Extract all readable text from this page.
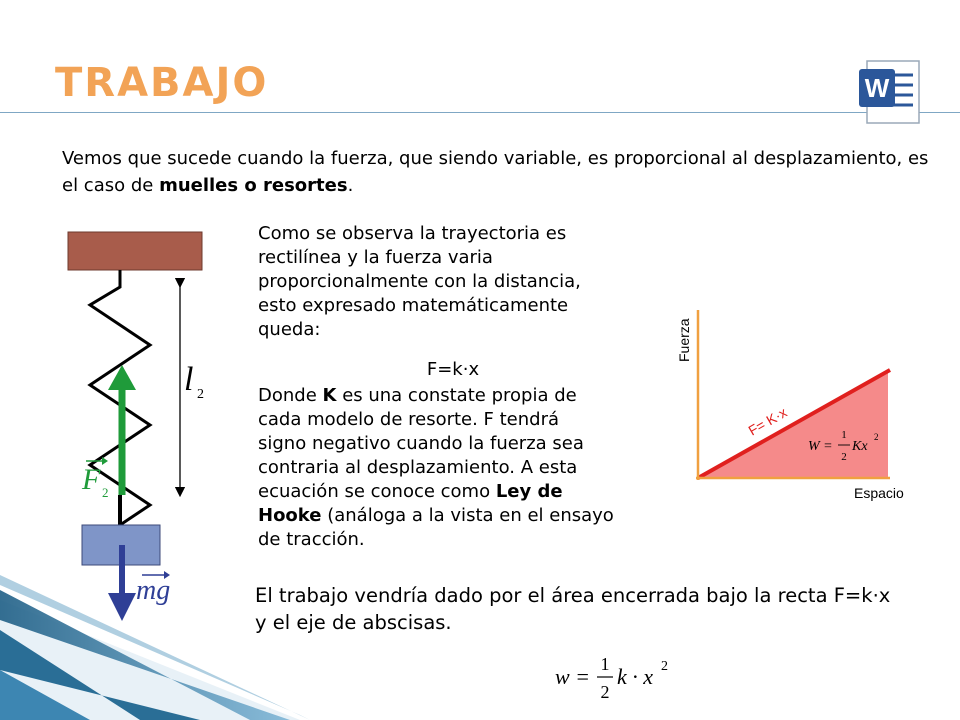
TRABAJO	W
Vemos que sucede cuando la fuerza, que siendo variable, es proporcional al desplazamiento, es el caso de muelles o resortes.
Como se observa la trayectoria es
rectilínea y la fuerza varia
proporcionalmente con la distancia,
esto expresado matemáticamente
queda:
F=k·x
Donde K es una constate propia de
cada modelo de resorte. F tendrá
signo negativo cuando la fuerza sea
contraria al desplazamiento. A esta
ecuación se conoce como Ley de
Hooke (análoga a la vista en el ensayo
de tracción.
El trabajo vendría dado por el área encerrada bajo la recta F=k·x y el eje de abscisas.
w = 1
2
k · x 2
l 2
F 2
mg
Fuerza
Espacio
F= K·x
W =
1
2
Kx
2
